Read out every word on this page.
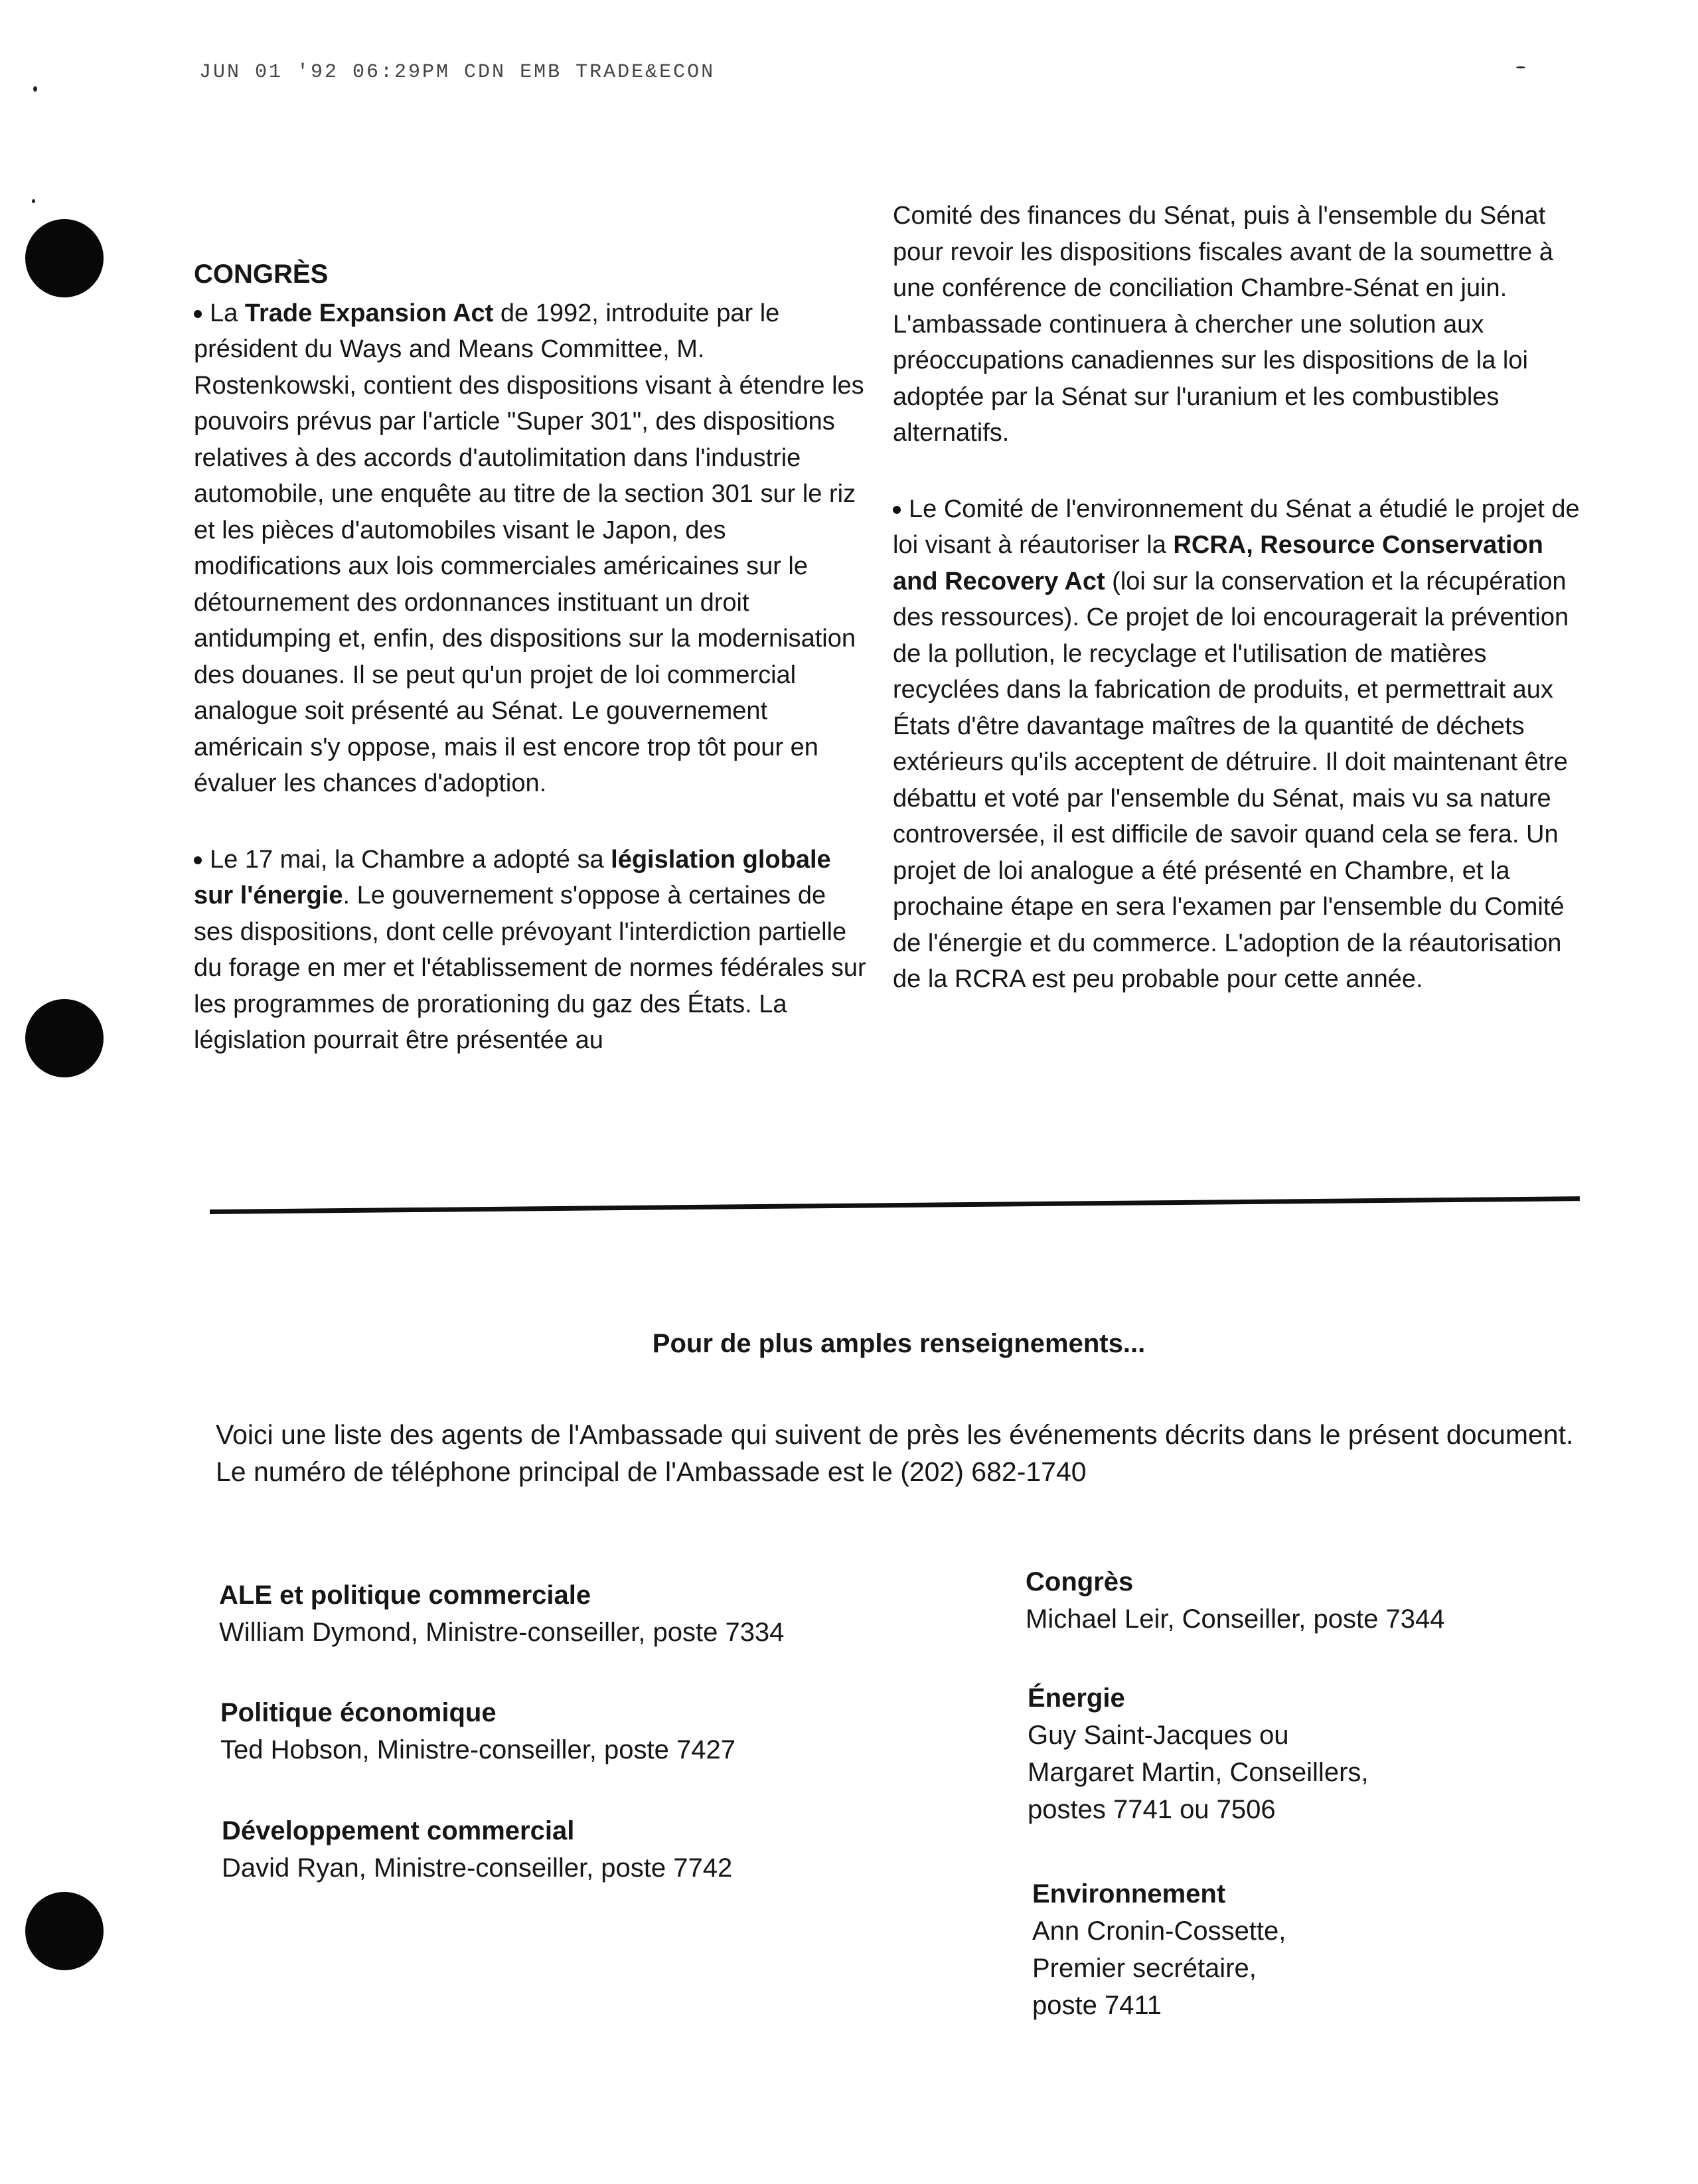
JUN 01 '92 06:29PM CDN EMB TRADE&ECON

CONGRÈS

La Trade Expansion Act de 1992, introduite par le président du Ways and Means Committee, M. Rostenkowski, contient des dispositions visant à étendre les pouvoirs prévus par l'article "Super 301", des dispositions relatives à des accords d'autolimitation dans l'industrie automobile, une enquête au titre de la section 301 sur le riz et les pièces d'automobiles visant le Japon, des modifications aux lois commerciales américaines sur le détournement des ordonnances instituant un droit antidumping et, enfin, des dispositions sur la modernisation des douanes. Il se peut qu'un projet de loi commercial analogue soit présenté au Sénat. Le gouvernement américain s'y oppose, mais il est encore trop tôt pour en évaluer les chances d'adoption.

Le 17 mai, la Chambre a adopté sa législation globale sur l'énergie. Le gouvernement s'oppose à certaines de ses dispositions, dont celle prévoyant l'interdiction partielle du forage en mer et l'établissement de normes fédérales sur les programmes de prorationing du gaz des États. La législation pourrait être présentée au

Comité des finances du Sénat, puis à l'ensemble du Sénat pour revoir les dispositions fiscales avant de la soumettre à une conférence de conciliation Chambre-Sénat en juin. L'ambassade continuera à chercher une solution aux préoccupations canadiennes sur les dispositions de la loi adoptée par la Sénat sur l'uranium et les combustibles alternatifs.

Le Comité de l'environnement du Sénat a étudié le projet de loi visant à réautoriser la RCRA, Resource Conservation and Recovery Act (loi sur la conservation et la récupération des ressources). Ce projet de loi encouragerait la prévention de la pollution, le recyclage et l'utilisation de matières recyclées dans la fabrication de produits, et permettrait aux États d'être davantage maîtres de la quantité de déchets extérieurs qu'ils acceptent de détruire. Il doit maintenant être débattu et voté par l'ensemble du Sénat, mais vu sa nature controversée, il est difficile de savoir quand cela se fera. Un projet de loi analogue a été présenté en Chambre, et la prochaine étape en sera l'examen par l'ensemble du Comité de l'énergie et du commerce. L'adoption de la réautorisation de la RCRA est peu probable pour cette année.

Pour de plus amples renseignements...
Voici une liste des agents de l'Ambassade qui suivent de près les événements décrits dans le présent document. Le numéro de téléphone principal de l'Ambassade est le (202) 682-1740
ALE et politique commerciale
William Dymond, Ministre-conseiller, poste 7334
Politique économique
Ted Hobson, Ministre-conseiller, poste 7427
Développement commercial
David Ryan, Ministre-conseiller, poste 7742
Congrès
Michael Leir, Conseiller, poste 7344
Énergie
Guy Saint-Jacques ou
Margaret Martin, Conseillers,
postes 7741 ou 7506
Environnement
Ann Cronin-Cossette,
Premier secrétaire,
poste 7411
